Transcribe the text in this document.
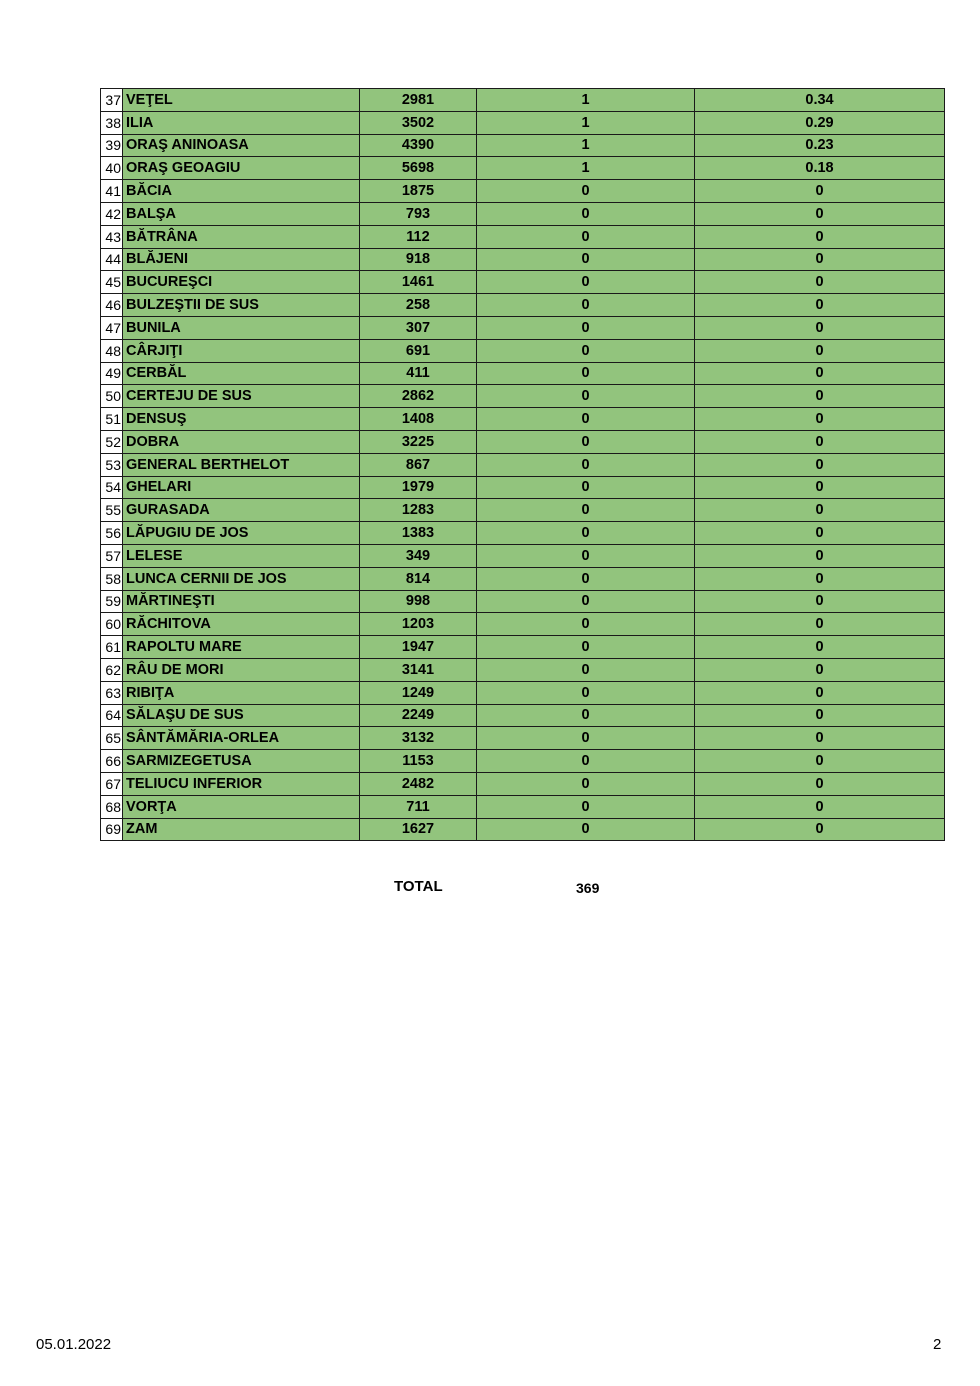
37	VEŢEL	2981	1	0.34
38	ILIA	3502	1	0.29
39	ORAŞ ANINOASA	4390	1	0.23
40	ORAŞ GEOAGIU	5698	1	0.18
41	BĂCIA	1875	0	0
42	BALŞA	793	0	0
43	BĂTRÂNA	112	0	0
44	BLĂJENI	918	0	0
45	BUCUREŞCI	1461	0	0
46	BULZEŞTII DE SUS	258	0	0
47	BUNILA	307	0	0
48	CÂRJIŢI	691	0	0
49	CERBĂL	411	0	0
50	CERTEJU DE SUS	2862	0	0
51	DENSUŞ	1408	0	0
52	DOBRA	3225	0	0
53	GENERAL BERTHELOT	867	0	0
54	GHELARI	1979	0	0
55	GURASADA	1283	0	0
56	LĂPUGIU DE JOS	1383	0	0
57	LELESE	349	0	0
58	LUNCA CERNII DE JOS	814	0	0
59	MĂRTINEŞTI	998	0	0
60	RĂCHITOVA	1203	0	0
61	RAPOLTU MARE	1947	0	0
62	RÂU DE MORI	3141	0	0
63	RIBIŢA	1249	0	0
64	SĂLAŞU DE SUS	2249	0	0
65	SÂNTĂMĂRIA-ORLEA	3132	0	0
66	SARMIZEGETUSA	1153	0	0
67	TELIUCU INFERIOR	2482	0	0
68	VORŢA	711	0	0
69	ZAM	1627	0	0
TOTAL	369
05.01.2022	2
